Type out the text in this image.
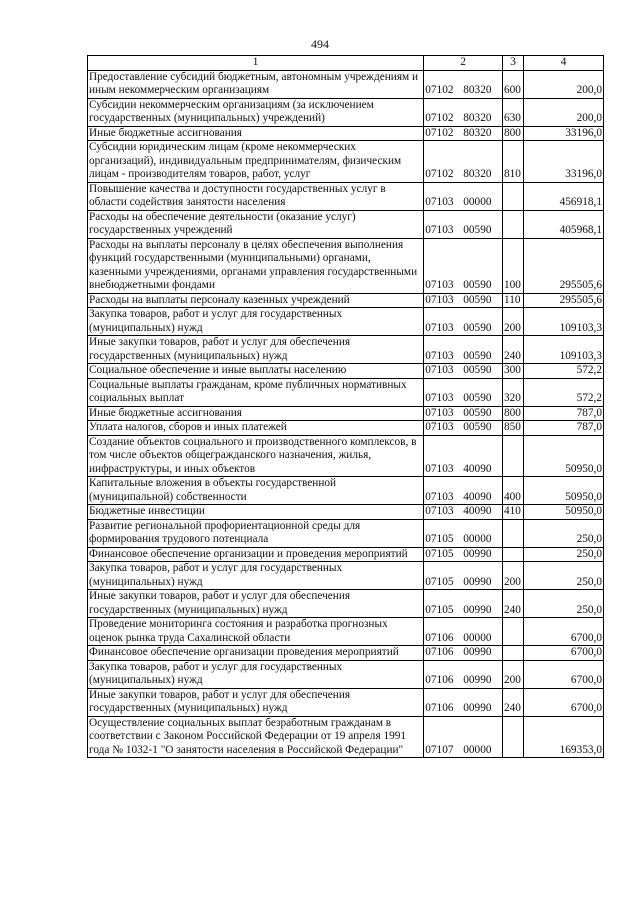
494
1	2	3	4
Предоставление субсидий бюджетным, автономным учреждениям и иным некоммерческим организациям	07102 80320	600	200,0
Субсидии некоммерческим организациям (за исключением государственных (муниципальных) учреждений)	07102 80320	630	200,0
Иные бюджетные ассигнования	07102 80320	800	33196,0
Субсидии юридическим лицам (кроме некоммерческих организаций), индивидуальным предпринимателям, физическим лицам - производителям товаров, работ, услуг	07102 80320	810	33196,0
Повышение качества и доступности государственных услуг в области содействия занятости населения	07103 00000		456918,1
Расходы на обеспечение деятельности (оказание услуг) государственных учреждений	07103 00590		405968,1
Расходы на выплаты персоналу в целях обеспечения выполнения функций государственными (муниципальными) органами, казенными учреждениями, органами управления государственными внебюджетными фондами	07103 00590	100	295505,6
Расходы на выплаты персоналу казенных учреждений	07103 00590	110	295505,6
Закупка товаров, работ и услуг для государственных (муниципальных) нужд	07103 00590	200	109103,3
Иные закупки товаров, работ и услуг для обеспечения государственных (муниципальных) нужд	07103 00590	240	109103,3
Социальное обеспечение и иные выплаты населению	07103 00590	300	572,2
Социальные выплаты гражданам, кроме публичных нормативных социальных выплат	07103 00590	320	572,2
Иные бюджетные ассигнования	07103 00590	800	787,0
Уплата налогов, сборов и иных платежей	07103 00590	850	787,0
Создание объектов социального и производственного комплексов, в том числе объектов общегражданского назначения, жилья, инфраструктуры, и иных объектов	07103 40090		50950,0
Капитальные вложения в объекты государственной (муниципальной) собственности	07103 40090	400	50950,0
Бюджетные инвестиции	07103 40090	410	50950,0
Развитие региональной профориентационной среды для формирования трудового потенциала	07105 00000		250,0
Финансовое обеспечение организации и проведения мероприятий	07105 00990		250,0
Закупка товаров, работ и услуг для государственных (муниципальных) нужд	07105 00990	200	250,0
Иные закупки товаров, работ и услуг для обеспечения государственных (муниципальных) нужд	07105 00990	240	250,0
Проведение мониторинга состояния и разработка прогнозных оценок рынка труда Сахалинской области	07106 00000		6700,0
Финансовое обеспечение организации проведения мероприятий	07106 00990		6700,0
Закупка товаров, работ и услуг для государственных (муниципальных) нужд	07106 00990	200	6700,0
Иные закупки товаров, работ и услуг для обеспечения государственных (муниципальных) нужд	07106 00990	240	6700,0
Осуществление социальных выплат безработным гражданам в соответствии с Законом Российской Федерации от 19 апреля 1991 года № 1032-1 "О занятости населения в Российской Федерации"	07107 00000		169353,0
